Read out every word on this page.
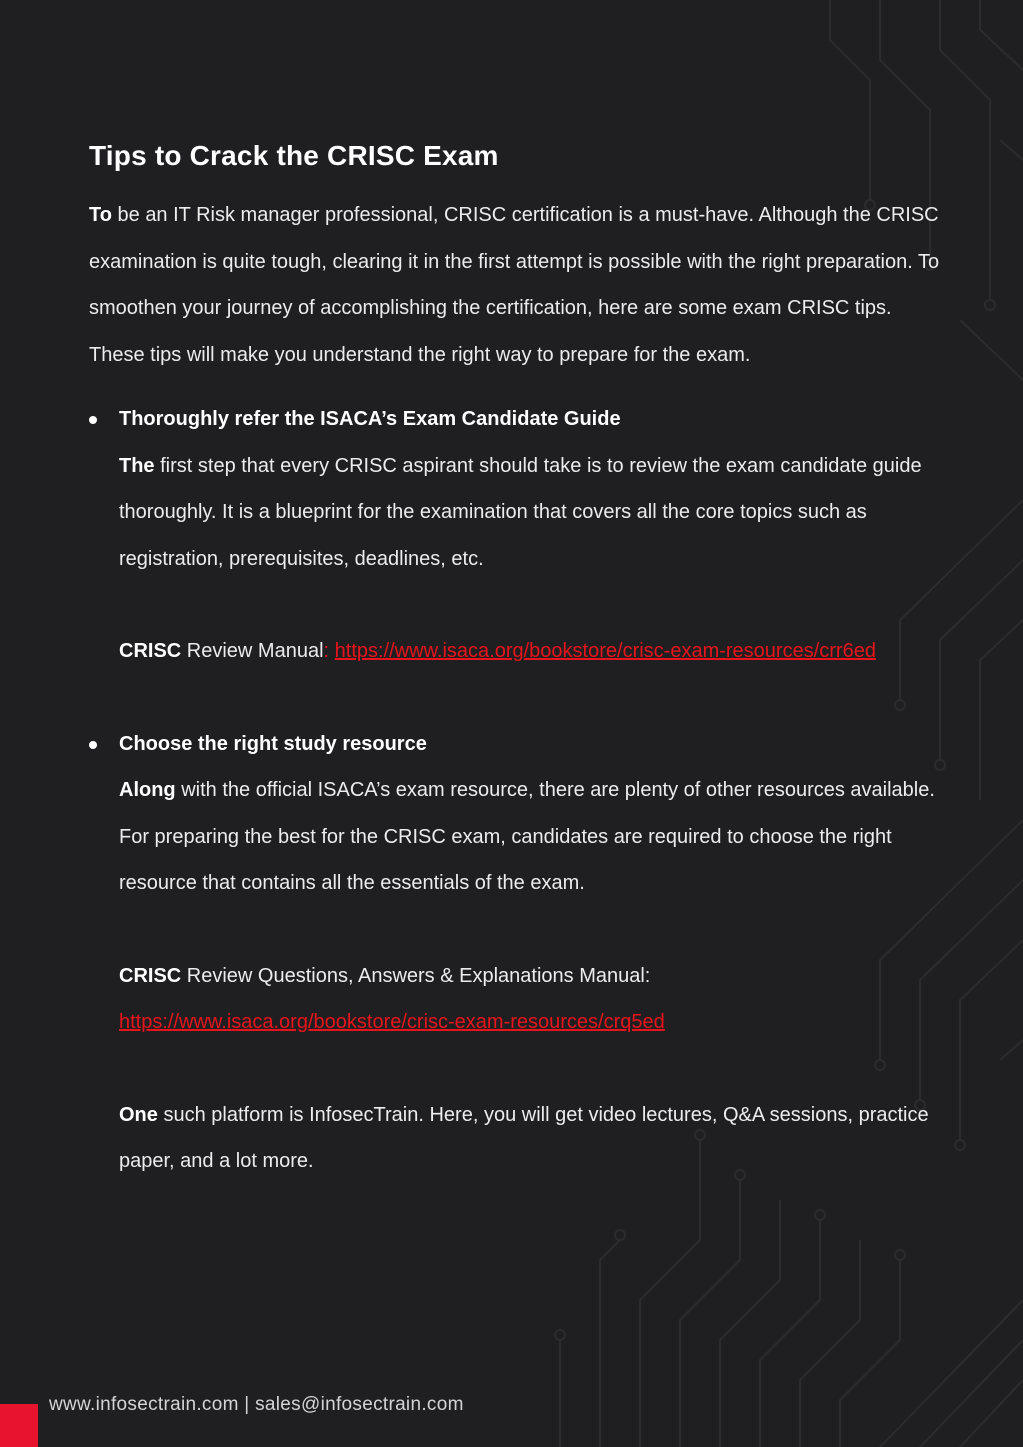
Tips to Crack the CRISC Exam

To be an IT Risk manager professional, CRISC certification is a must-have. Although the CRISC examination is quite tough, clearing it in the first attempt is possible with the right preparation. To smoothen your journey of accomplishing the certification, here are some exam CRISC tips. These tips will make you understand the right way to prepare for the exam.

Thoroughly refer the ISACA’s Exam Candidate Guide

The first step that every CRISC aspirant should take is to review the exam candidate guide thoroughly. It is a blueprint for the examination that covers all the core topics such as registration, prerequisites, deadlines, etc.

CRISC Review Manual: https://www.isaca.org/bookstore/crisc-exam-resources/crr6ed

Choose the right study resource

Along with the official ISACA’s exam resource, there are plenty of other resources available. For preparing the best for the CRISC exam, candidates are required to choose the right resource that contains all the essentials of the exam.

CRISC Review Questions, Answers & Explanations Manual:
https://www.isaca.org/bookstore/crisc-exam-resources/crq5ed

One such platform is InfosecTrain. Here, you will get video lectures, Q&A sessions, practice paper, and a lot more.

www.infosectrain.com | sales@infosectrain.com
